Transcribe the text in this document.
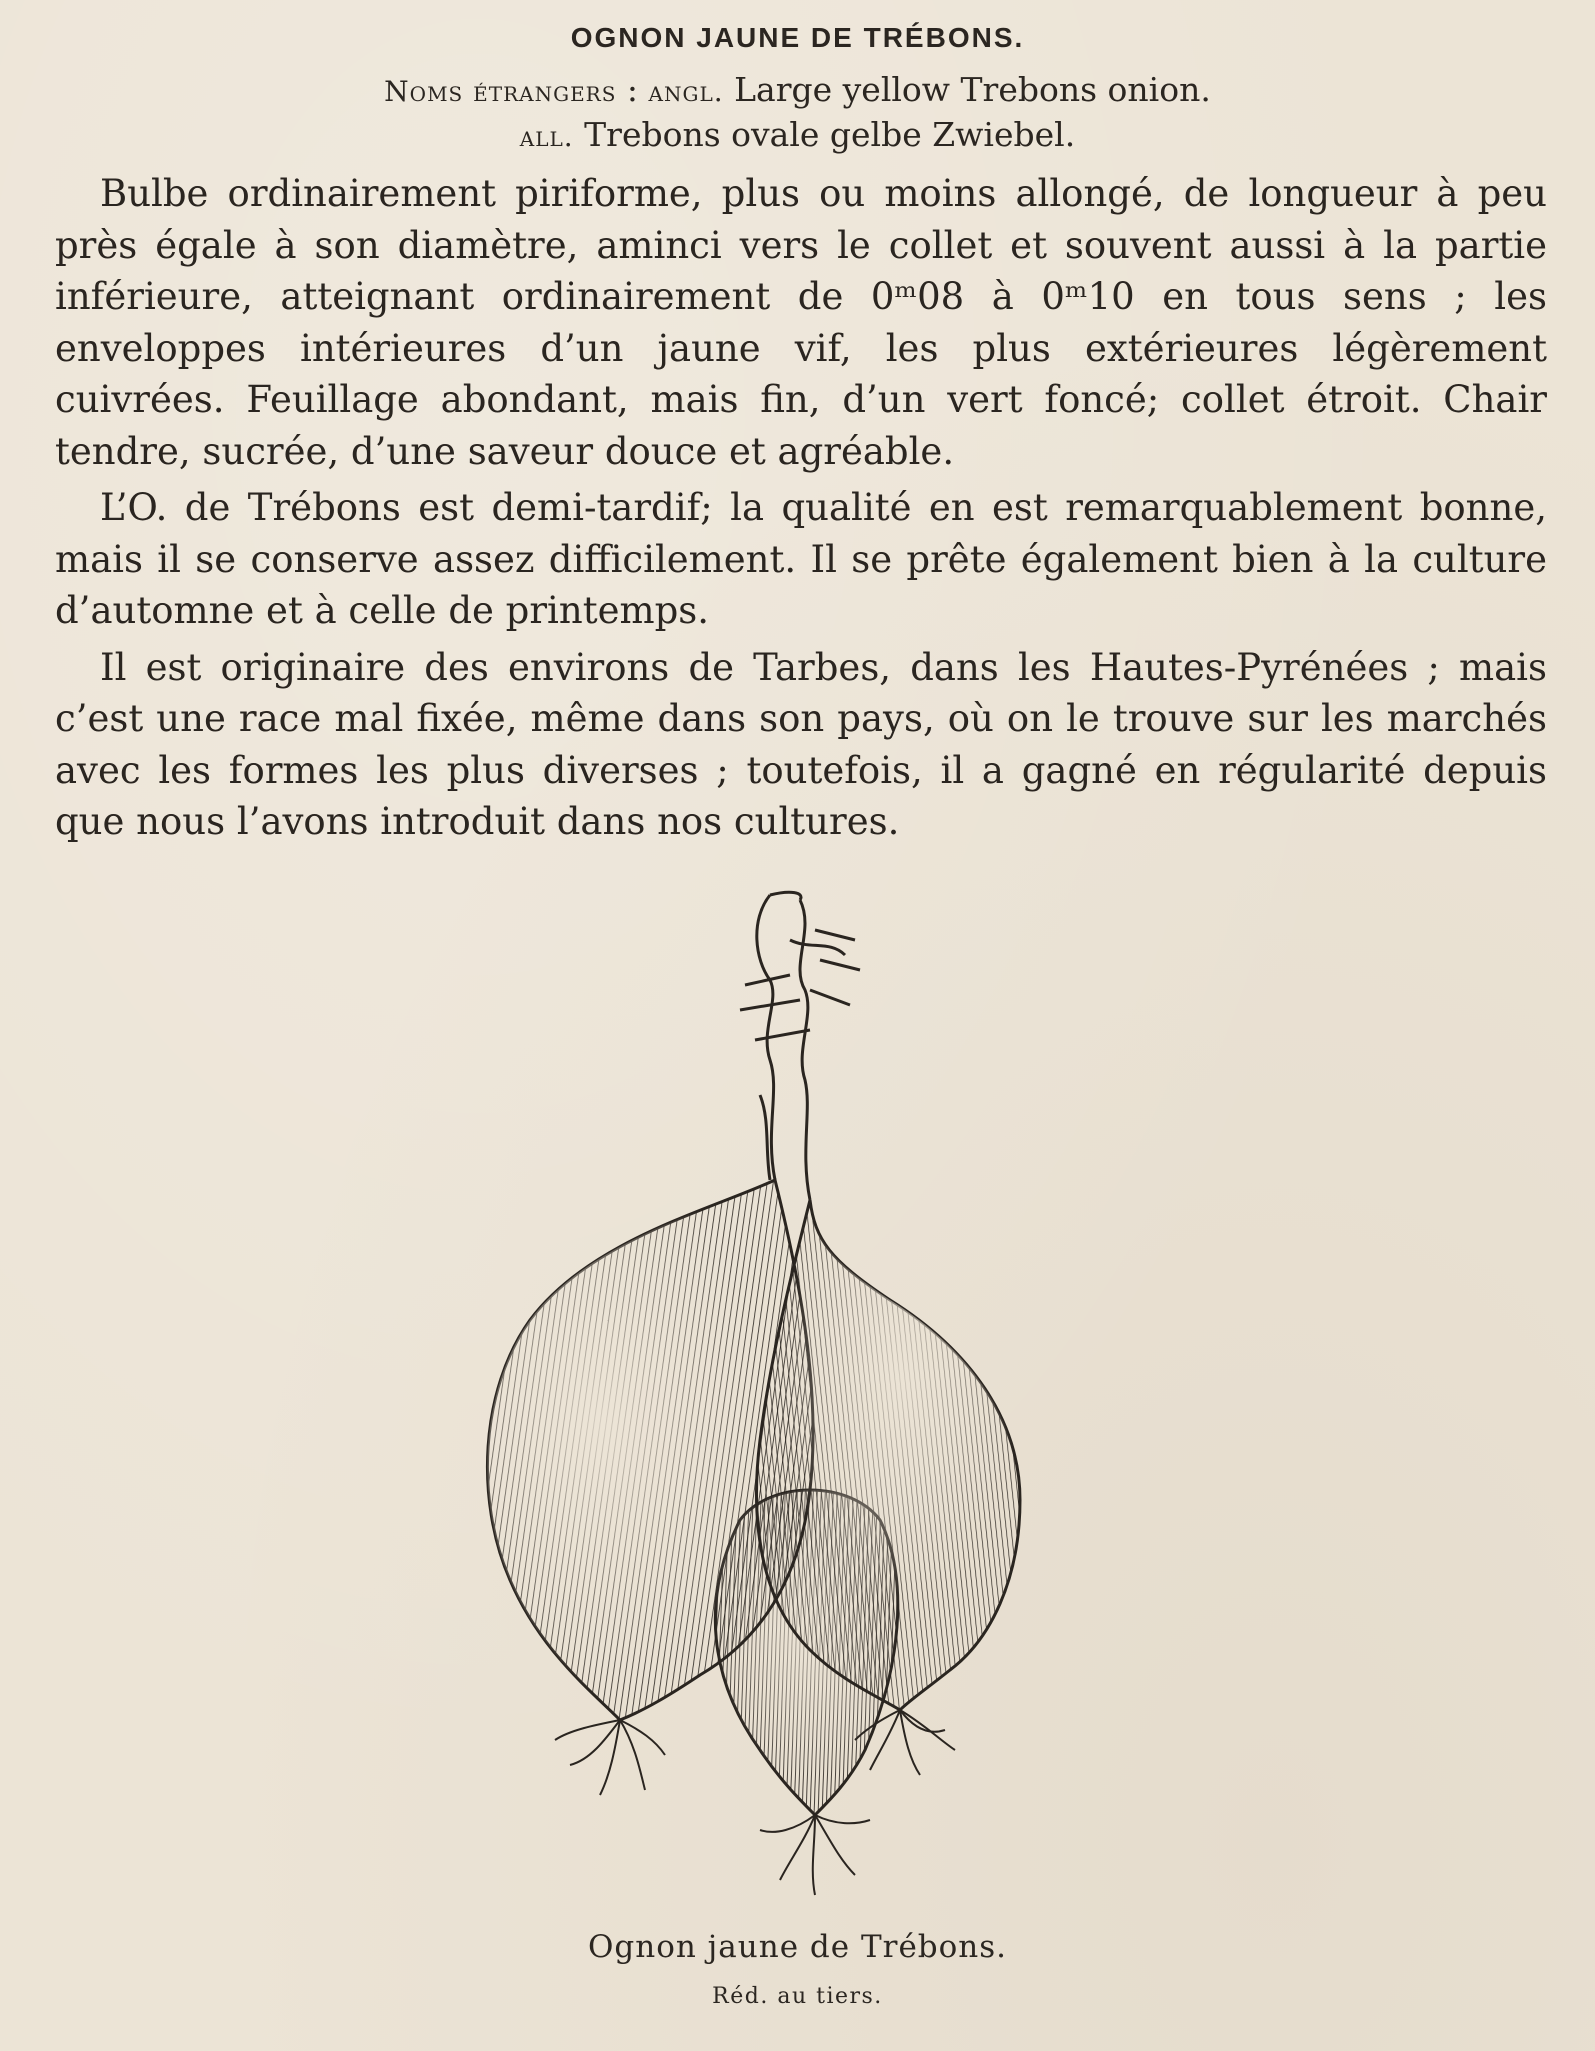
OGNON JAUNE DE TRÉBONS.
Noms étrangers : angl. Large yellow Trebons onion.
all. Trebons ovale gelbe Zwiebel.

Bulbe ordinairement piriforme, plus ou moins allongé, de longueur à peu près égale à son diamètre, aminci vers le collet et souvent aussi à la partie inférieure, atteignant ordinairement de 0ᵐ08 à 0ᵐ10 en tous sens ; les enveloppes intérieures d’un jaune vif, les plus extérieures légèrement cuivrées. Feuillage abondant, mais fin, d’un vert foncé; collet étroit. Chair tendre, sucrée, d’une saveur douce et agréable.

L’O. de Trébons est demi-tardif; la qualité en est remarquablement bonne, mais il se conserve assez difficilement. Il se prête également bien à la culture d’automne et à celle de printemps.

Il est originaire des environs de Tarbes, dans les Hautes-Pyrénées ; mais c’est une race mal fixée, même dans son pays, où on le trouve sur les marchés avec les formes les plus diverses ; toutefois, il a gagné en régularité depuis que nous l’avons introduit dans nos cultures.

Ognon jaune de Trébons.
Réd. au tiers.
